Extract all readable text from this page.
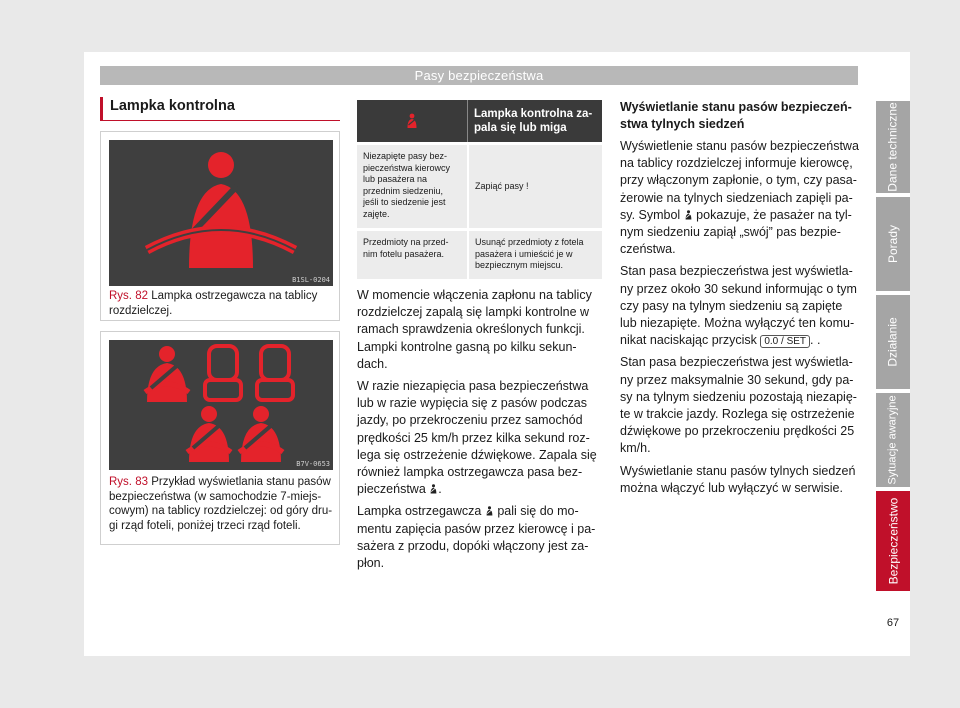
Pasy bezpieczeństwa
Lampka kontrolna
B1SL-0204
Rys. 82 Lampka ostrzegawcza na tablicy rozdzielczej.
B7V-0653
Rys. 83 Przykład wyświetlania stanu pasów bezpieczeństwa (w samochodzie 7-miejs-cowym) na tablicy rozdzielczej: od góry dru-gi rząd foteli, poniżej trzeci rząd foteli.
Lampka kontrolna za-pala się lub miga
Niezapięte pasy bez-pieczeństwa kierowcy lub pasażera na przednim siedzeniu, jeśli to siedzenie jest zajęte.
Zapiąć pasy !
Przedmioty na przed-nim fotelu pasażera.
Usunąć przedmioty z fotela pasażera i umieścić je w bezpiecznym miejscu.

W momencie włączenia zapłonu na tablicy rozdzielczej zapalą się lampki kontrolne w ramach sprawdzenia określonych funkcji. Lampki kontrolne gasną po kilku sekun-dach.

W razie niezapięcia pasa bezpieczeństwa lub w razie wypięcia się z pasów podczas jazdy, po przekroczeniu przez samochód prędkości 25 km/h przez kilka sekund roz-lega się ostrzeżenie dźwiękowe. Zapala się również lampka ostrzegawcza pasa bez-pieczeństwa .

Lampka ostrzegawcza pali się do mo-mentu zapięcia pasów przez kierowcę i pa-sażera z przodu, dopóki włączony jest za-płon.

Wyświetlanie stanu pasów bezpieczeń-stwa tylnych siedzeń

Wyświetlenie stanu pasów bezpieczeństwa na tablicy rozdzielczej informuje kierowcę, przy włączonym zapłonie, o tym, czy pasa-żerowie na tylnych siedzeniach zapięli pa-sy. Symbol pokazuje, że pasażer na tyl-nym siedzeniu zapiął „swój” pas bezpie-czeństwa.

Stan pasa bezpieczeństwa jest wyświetla-ny przez około 30 sekund informując o tym czy pasy na tylnym siedzeniu są zapięte lub niezapięte. Można wyłączyć ten komu-nikat naciskając przycisk 0.0 / SET . .

Stan pasa bezpieczeństwa jest wyświetla-ny przez maksymalnie 30 sekund, gdy pa-sy na tylnym siedzeniu pozostają niezapię-te w trakcie jazdy. Rozlega się ostrzeżenie dźwiękowe po przekroczeniu prędkości 25 km/h.

Wyświetlanie stanu pasów tylnych siedzeń można włączyć lub wyłączyć w serwisie.

Dane techniczne
Porady
Działanie
Sytuacje awaryjne
Bezpieczeństwo
67
